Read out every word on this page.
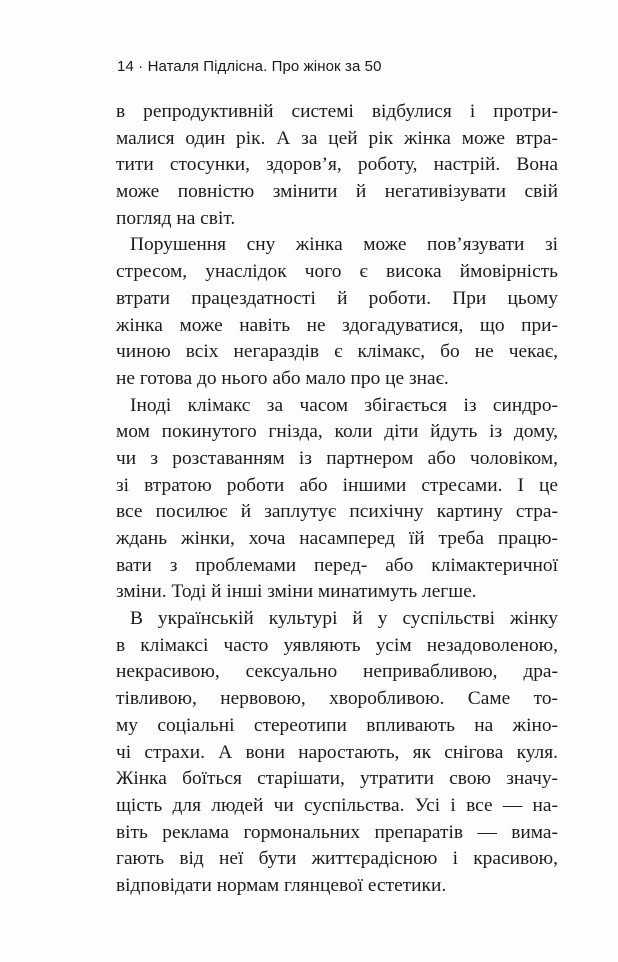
14 · Наталя Підлісна. Про жінок за 50
в репродуктивній системі відбулися і протри-
малися один рік. А за цей рік жінка може втра-
тити стосунки, здоров’я, роботу, настрій. Вона
може повністю змінити й негативізувати свій
погляд на світ.
Порушення сну жінка може пов’язувати зі
стресом, унаслідок чого є висока ймовірність
втрати працездатності й роботи. При цьому
жінка може навіть не здогадуватися, що при-
чиною всіх негараздів є клімакс, бо не чекає,
не готова до нього або мало про це знає.
Іноді клімакс за часом збігається із синдро-
мом покинутого гнізда, коли діти йдуть із дому,
чи з розставанням із партнером або чоловіком,
зі втратою роботи або іншими стресами. І це
все посилює й заплутує психічну картину стра-
ждань жінки, хоча насамперед їй треба працю-
вати з проблемами перед- або клімактеричної
зміни. Тоді й інші зміни минатимуть легше.
В українській культурі й у суспільстві жінку
в клімаксі часто уявляють усім незадоволеною,
некрасивою, сексуально непривабливою, дра-
тівливою, нервовою, хворобливою. Саме то-
му соціальні стереотипи впливають на жіно-
чі страхи. А вони наростають, як снігова куля.
Жінка боїться старішати, утратити свою значу-
щість для людей чи суспільства. Усі і все — на-
віть реклама гормональних препаратів — вима-
гають від неї бути життєрадісною і красивою,
відповідати нормам глянцевої естетики.
